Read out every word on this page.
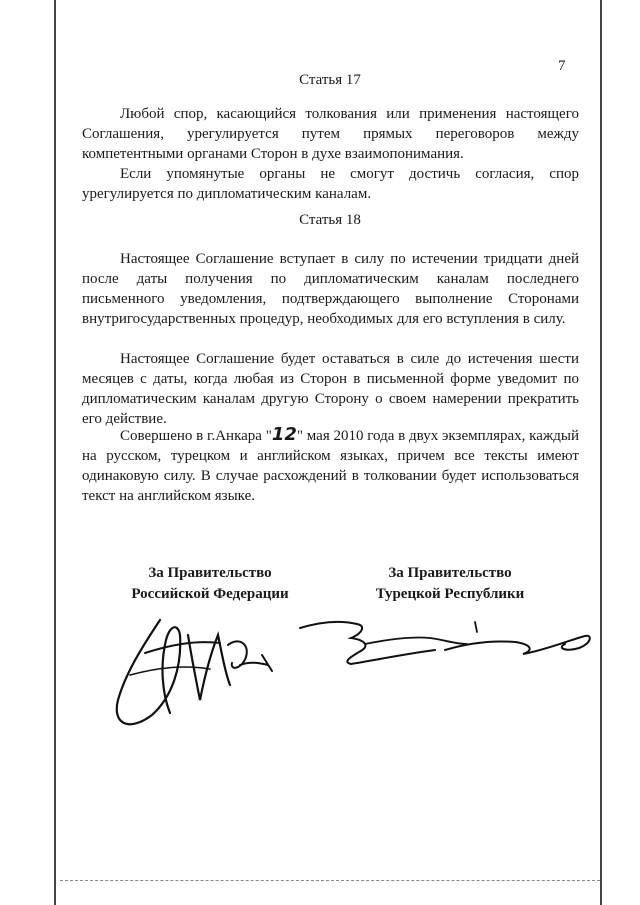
7
Статья 17

Любой спор, касающийся толкования или применения настоящего Соглашения, урегулируется путем прямых переговоров между компетентными органами Сторон в духе взаимопонимания.

Если упомянутые органы не смогут достичь согласия, спор урегулируется по дипломатическим каналам.

Статья 18

Настоящее Соглашение вступает в силу по истечении тридцати дней после даты получения по дипломатическим каналам последнего письменного уведомления, подтверждающего выполнение Сторонами внутригосударственных процедур, необходимых для его вступления в силу.

Настоящее Соглашение будет оставаться в силе до истечения шести месяцев с даты, когда любая из Сторон в письменной форме уведомит по дипломатическим каналам другую Сторону о своем намерении прекратить его действие.

Совершено в г.Анкара "12" мая 2010 года в двух экземплярах, каждый на русском, турецком и английском языках, причем все тексты имеют одинаковую силу. В случае расхождений в толковании будет использоваться текст на английском языке.

За Правительство
Российской Федерации
За Правительство
Турецкой Республики
